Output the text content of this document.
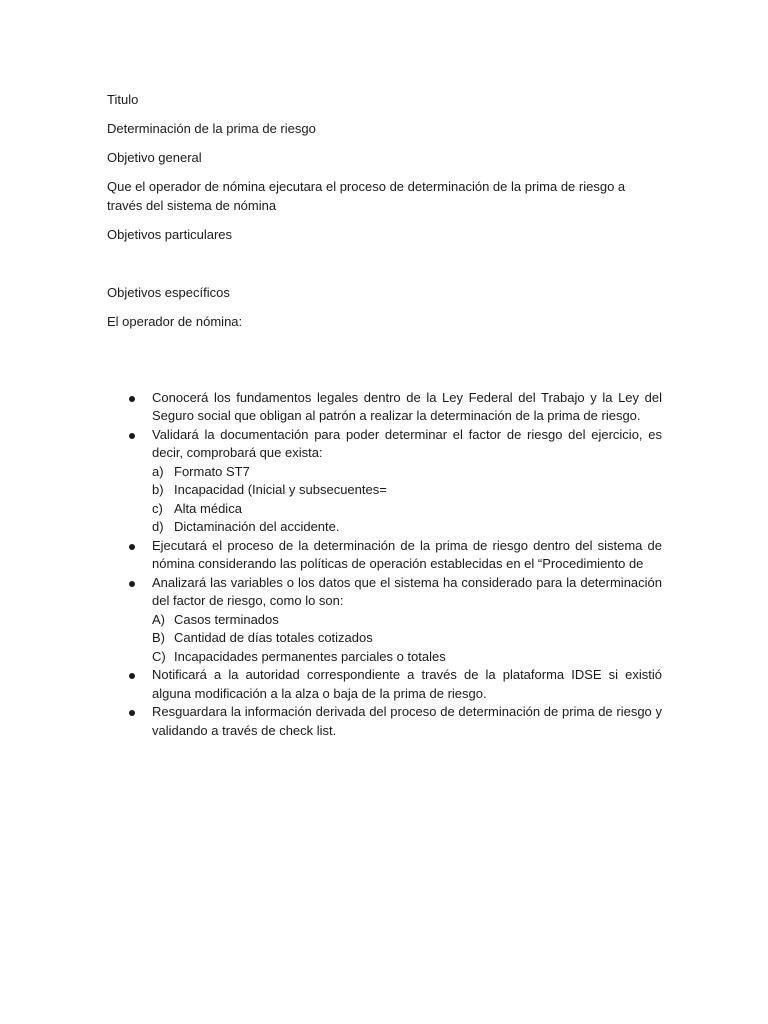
Titulo

Determinación de la prima de riesgo

Objetivo general

Que el operador de nómina ejecutara el proceso de determinación de la prima de riesgo a través del sistema de nómina

Objetivos particulares

Objetivos específicos

El operador de nómina:

Conocerá los fundamentos legales dentro de la Ley Federal del Trabajo y la Ley del Seguro social que obligan al patrón a realizar la determinación de la prima de riesgo.
Validará la documentación para poder determinar el factor de riesgo del ejercicio, es decir, comprobará que exista:
a) Formato ST7
b) Incapacidad (Inicial y subsecuentes=
c) Alta médica
d) Dictaminación del accidente.
Ejecutará el proceso de la determinación de la prima de riesgo dentro del sistema de nómina considerando las políticas de operación establecidas en el “Procedimiento de
Analizará las variables o los datos que el sistema ha considerado para la determinación del factor de riesgo, como lo son:
A) Casos terminados
B) Cantidad de días totales cotizados
C) Incapacidades permanentes parciales o totales
Notificará a la autoridad correspondiente a través de la plataforma IDSE si existió alguna modificación a la alza o baja de la prima de riesgo.
Resguardara la información derivada del proceso de determinación de prima de riesgo y validando a través de check list.
